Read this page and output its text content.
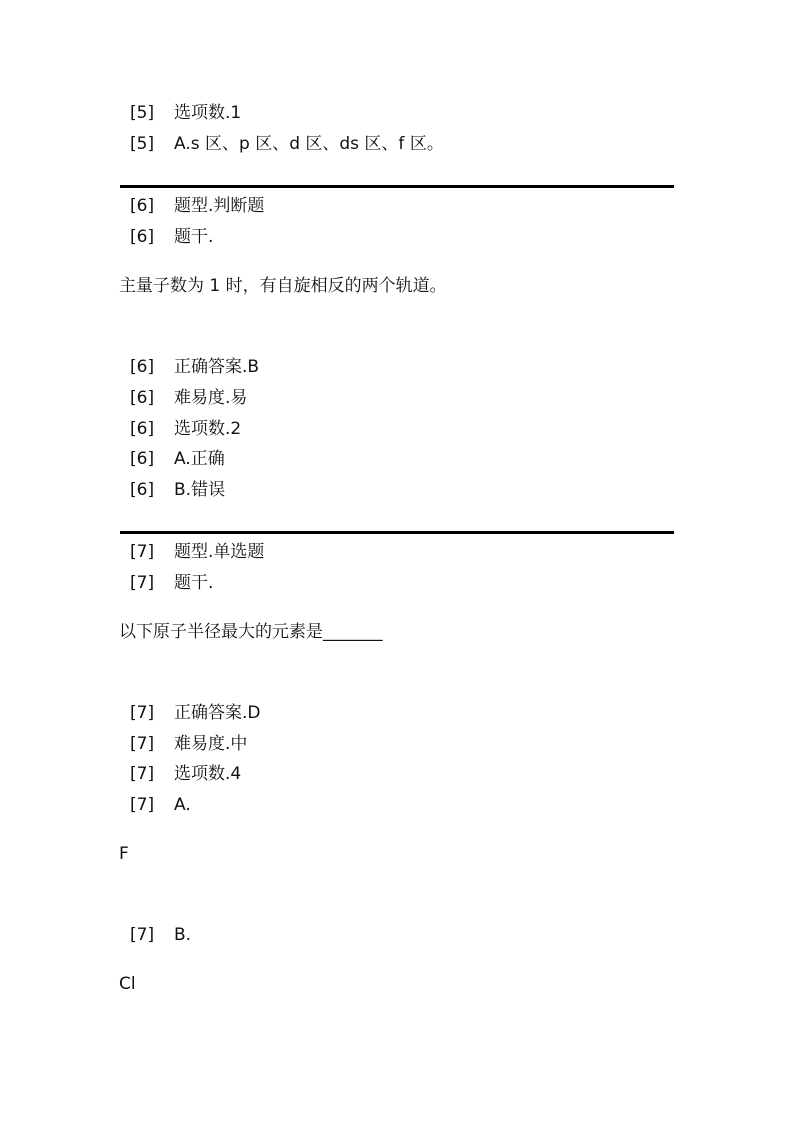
[5]	选项数.1
[5]	A.s 区、p 区、d 区、ds 区、f 区。
[6]	题型.判断题
[6]	题干.
主量子数为 1 时，有自旋相反的两个轨道。
[6]	正确答案.B
[6]	难易度.易
[6]	选项数.2
[6]	A.正确
[6]	B.错误
[7]	题型.单选题
[7]	题干.
以下原子半径最大的元素是_______
[7]	正确答案.D
[7]	难易度.中
[7]	选项数.4
[7]	A.
F
[7]	B.
Cl
